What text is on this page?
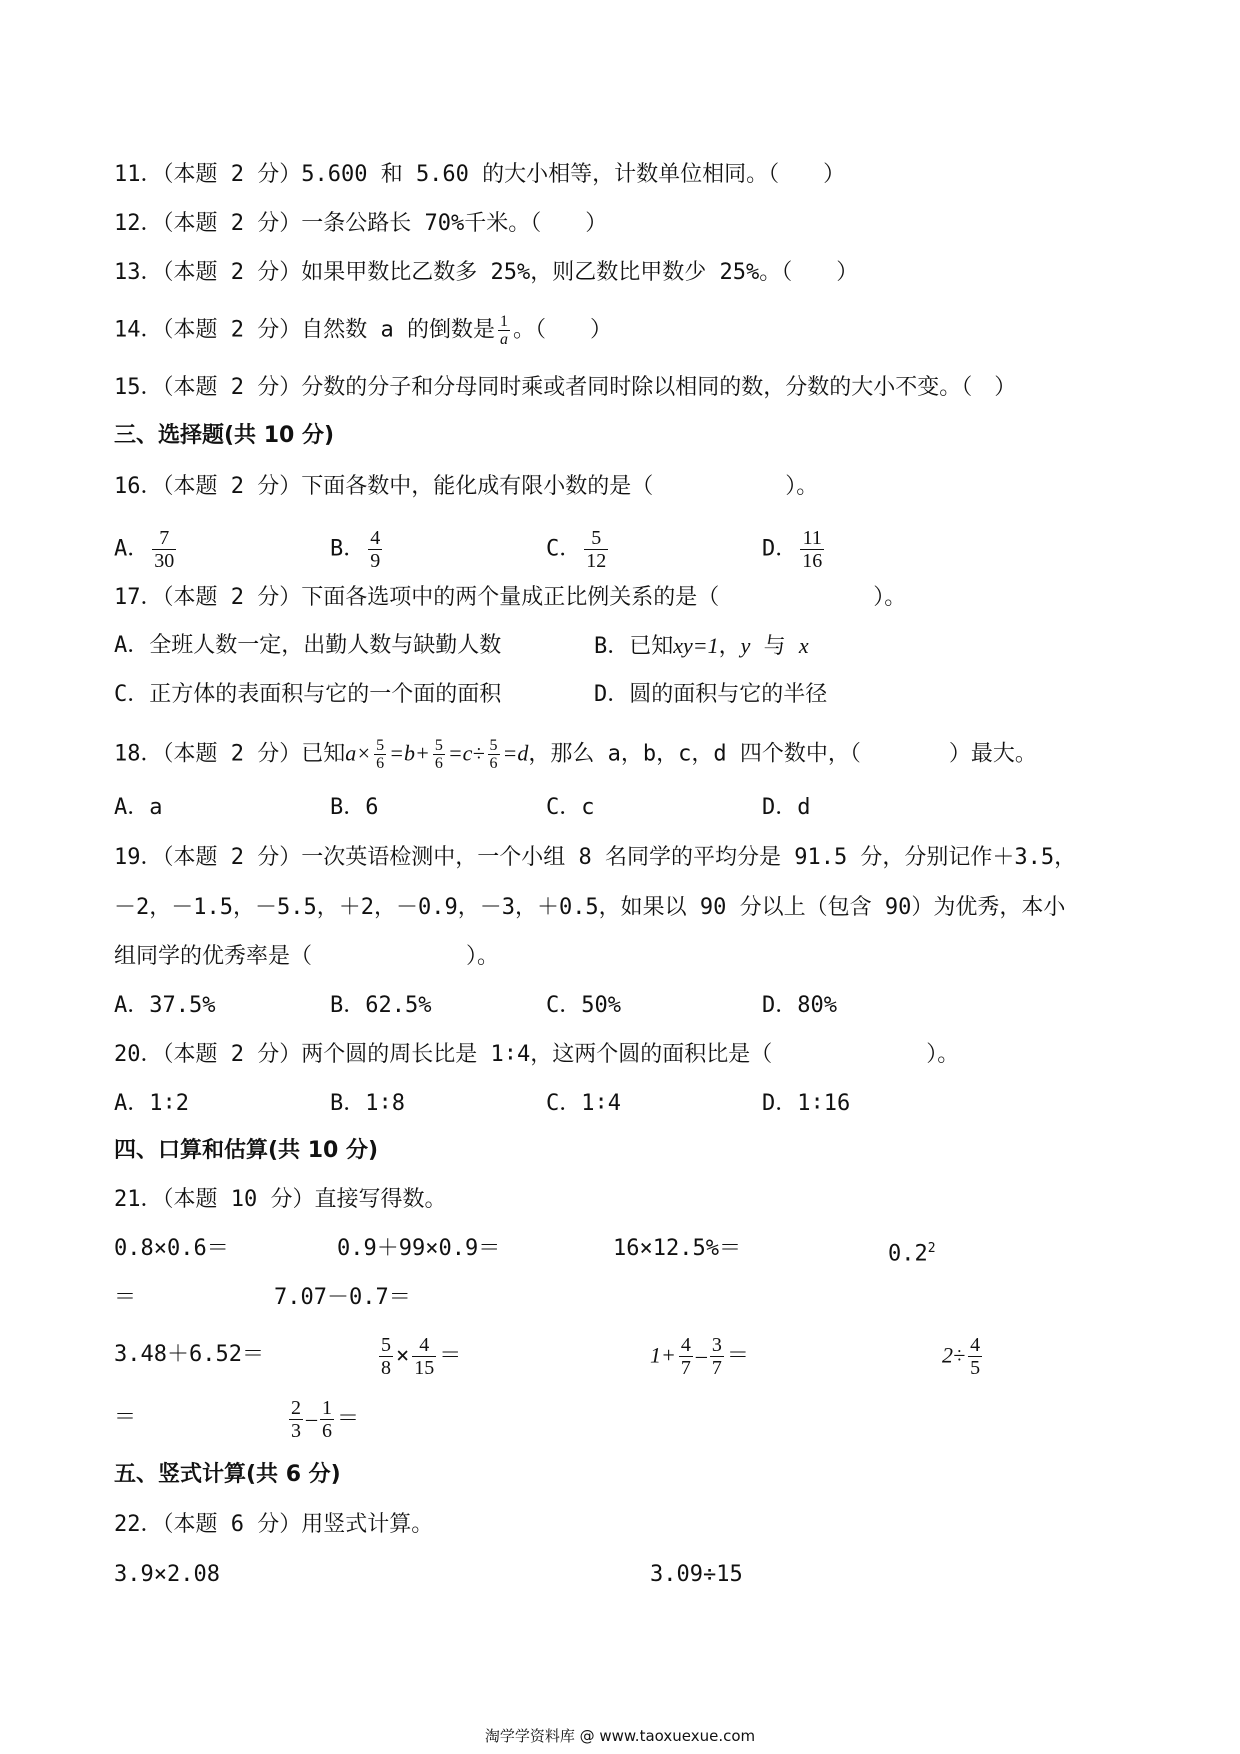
11．（本题 2 分）5.600 和 5.60 的大小相等，计数单位相同。（　　）
12．（本题 2 分）一条公路长 70%千米。（　　）
13．（本题 2 分）如果甲数比乙数多 25%，则乙数比甲数少 25%。（　　）
14．（本题 2 分）自然数 a 的倒数是 $\frac{1}{a}$ 。（　　）
15．（本题 2 分）分数的分子和分母同时乘或者同时除以相同的数，分数的大小不变。（　）
三、选择题(共 10 分)
16．（本题 2 分）下面各数中，能化成有限小数的是（　　　　　　）。
A． $\frac{7}{30}$	B． $\frac{4}{9}$	C． $\frac{5}{12}$	D． $\frac{11}{16}$
17．（本题 2 分）下面各选项中的两个量成正比例关系的是（　　　　　　　）。
A．全班人数一定，出勤人数与缺勤人数	B．已知xy=1，y 与 x
C．正方体的表面积与它的一个面的面积	D．圆的面积与它的半径
18．（本题 2 分）已知$a\times \frac{5}{6} =b+ \frac{5}{6} =c\div \frac{5}{6} =d$，那么 a，b，c，d 四个数中，（　　　　）最大。
A．a	B．6	C．c	D．d
19．（本题 2 分）一次英语检测中，一个小组 8 名同学的平均分是 91.5 分，分别记作＋3.5，
－2，－1.5，－5.5，＋2，－0.9，－3，＋0.5，如果以 90 分以上（包含 90）为优秀，本小
组同学的优秀率是（　　　　　　　）。
A．37.5%	B．62.5%	C．50%	D．80%
20．（本题 2 分）两个圆的周长比是 1∶4，这两个圆的面积比是（　　　　　　　）。
A．1∶2	B．1∶8	C．1∶4	D．1∶16
四、口算和估算(共 10 分)
21．（本题 10 分）直接写得数。
0.8×0.6＝	0.9＋99×0.9＝	16×12.5%＝	$0.2^2$
＝	7.07－0.7＝
3.48＋6.52＝	$\frac{5}{8} \times \frac{4}{15}$ ＝	$1+ \frac{4}{7} - \frac{3}{7}$ ＝	$2\div \frac{4}{5}$
＝	$\frac{2}{3} - \frac{1}{6}$ ＝
五、竖式计算(共 6 分)
22．（本题 6 分）用竖式计算。
3.9×2.08	3.09÷15
淘学学资料库 @ www.taoxuexue.com
